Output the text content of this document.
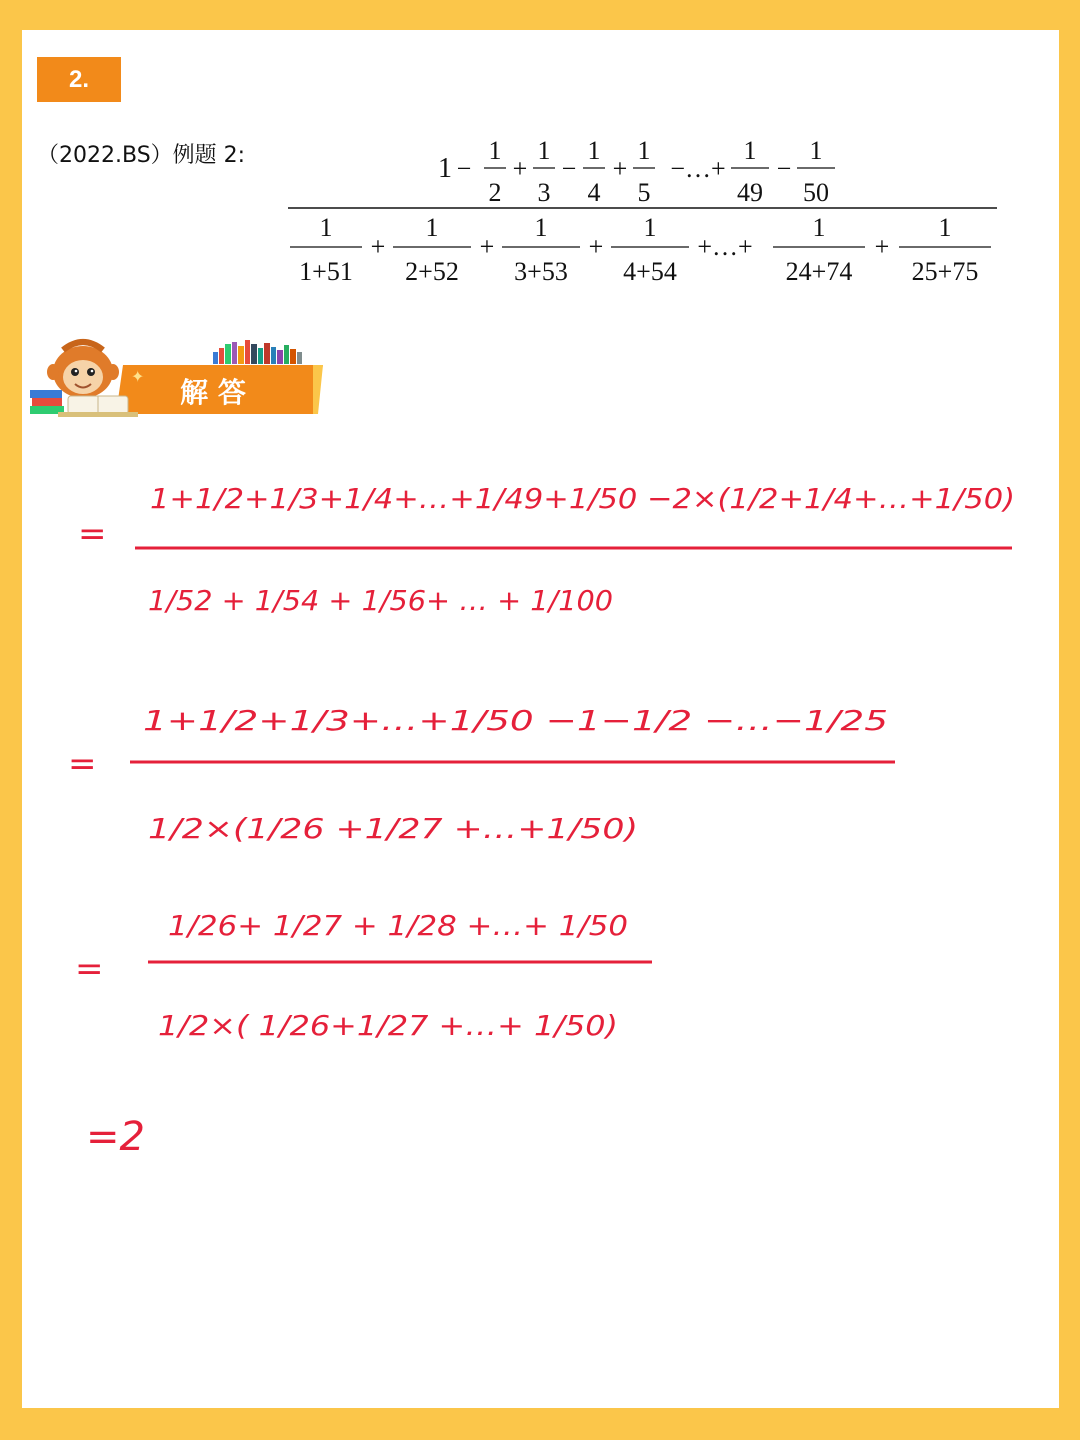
2.
（2022.BS）例题 2:	1 −
1
2
+
1
3
−
1
4
+
1
5
−…+
1
49
−
1
50
1
1+51
+
1
2+52
+
1
3+53
+
1
4+54
+…+
1
24+74
+
1
25+75
解 答
✦
=
1+1/2+1/3+1/4+…+1/49+1/50 −2×(1/2+1/4+…+1/50)
1/52 + 1/54 + 1/56+ … + 1/100
=
1+1/2+1/3+…+1/50 −1−1/2 −…−1/25
1/2×(1/26 +1/27 +…+1/50)
=
1/26+ 1/27 + 1/28 +…+ 1/50
1/2×( 1/26+1/27 +…+ 1/50)
=2
